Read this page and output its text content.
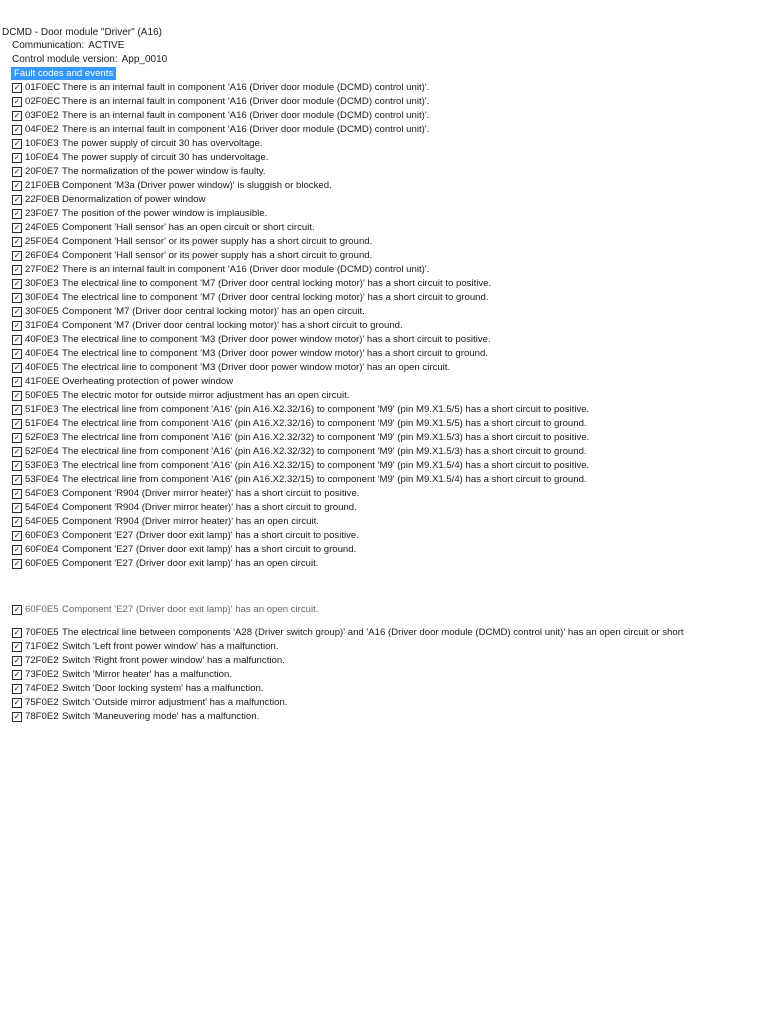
DCMD - Door module "Driver" (A16)
Communication: ACTIVE
Control module version: App_0010
Fault codes and events
✓ 01F0EC There is an internal fault in component 'A16 (Driver door module (DCMD) control unit)'.
✓ 02F0EC There is an internal fault in component 'A16 (Driver door module (DCMD) control unit)'.
✓ 03F0E2 There is an internal fault in component 'A16 (Driver door module (DCMD) control unit)'.
✓ 04F0E2 There is an internal fault in component 'A16 (Driver door module (DCMD) control unit)'.
✓ 10F0E3 The power supply of circuit 30 has overvoltage.
✓ 10F0E4 The power supply of circuit 30 has undervoltage.
✓ 20F0E7 The normalization of the power window is faulty.
✓ 21F0EB Component 'M3a (Driver power window)' is sluggish or blocked.
✓ 22F0EB Denormalization of power window
✓ 23F0E7 The position of the power window is implausible.
✓ 24F0E5 Component 'Hall sensor' has an open circuit or short circuit.
✓ 25F0E4 Component 'Hall sensor' or its power supply has a short circuit to ground.
✓ 26F0E4 Component 'Hall sensor' or its power supply has a short circuit to ground.
✓ 27F0E2 There is an internal fault in component 'A16 (Driver door module (DCMD) control unit)'.
✓ 30F0E3 The electrical line to component 'M7 (Driver door central locking motor)' has a short circuit to positive.
✓ 30F0E4 The electrical line to component 'M7 (Driver door central locking motor)' has a short circuit to ground.
✓ 30F0E5 Component 'M7 (Driver door central locking motor)' has an open circuit.
✓ 31F0E4 Component 'M7 (Driver door central locking motor)' has a short circuit to ground.
✓ 40F0E3 The electrical line to component 'M3 (Driver door power window motor)' has a short circuit to positive.
✓ 40F0E4 The electrical line to component 'M3 (Driver door power window motor)' has a short circuit to ground.
✓ 40F0E5 The electrical line to component 'M3 (Driver door power window motor)' has an open circuit.
✓ 41F0EE Overheating protection of power window
✓ 50F0E5 The electric motor for outside mirror adjustment has an open circuit.
✓ 51F0E3 The electrical line from component 'A16' (pin A16.X2.32/16) to component 'M9' (pin M9.X1.5/5) has a short circuit to positive.
✓ 51F0E4 The electrical line from component 'A16' (pin A16.X2.32/16) to component 'M9' (pin M9.X1.5/5) has a short circuit to ground.
✓ 52F0E3 The electrical line from component 'A16' (pin A16.X2.32/32) to component 'M9' (pin M9.X1.5/3) has a short circuit to positive.
✓ 52F0E4 The electrical line from component 'A16' (pin A16.X2.32/32) to component 'M9' (pin M9.X1.5/3) has a short circuit to ground.
✓ 53F0E3 The electrical line from component 'A16' (pin A16.X2.32/15) to component 'M9' (pin M9.X1.5/4) has a short circuit to positive.
✓ 53F0E4 The electrical line from component 'A16' (pin A16.X2.32/15) to component 'M9' (pin M9.X1.5/4) has a short circuit to ground.
✓ 54F0E3 Component 'R904 (Driver mirror heater)' has a short circuit to positive.
✓ 54F0E4 Component 'R904 (Driver mirror heater)' has a short circuit to ground.
✓ 54F0E5 Component 'R904 (Driver mirror heater)' has an open circuit.
✓ 60F0E3 Component 'E27 (Driver door exit lamp)' has a short circuit to positive.
✓ 60F0E4 Component 'E27 (Driver door exit lamp)' has a short circuit to ground.
✓ 60F0E5 Component 'E27 (Driver door exit lamp)' has an open circuit.
✓ 60F0E5 Component 'E27 (Driver door exit lamp)' has an open circuit.
✓ 70F0E5 The electrical line between components 'A28 (Driver switch group)' and 'A16 (Driver door module (DCMD) control unit)' has an open circuit or short
✓ 71F0E2 Switch 'Left front power window' has a malfunction.
✓ 72F0E2 Switch 'Right front power window' has a malfunction.
✓ 73F0E2 Switch 'Mirror heater' has a malfunction.
✓ 74F0E2 Switch 'Door locking system' has a malfunction.
✓ 75F0E2 Switch 'Outside mirror adjustment' has a malfunction.
✓ 78F0E2 Switch 'Maneuvering mode' has a malfunction.
